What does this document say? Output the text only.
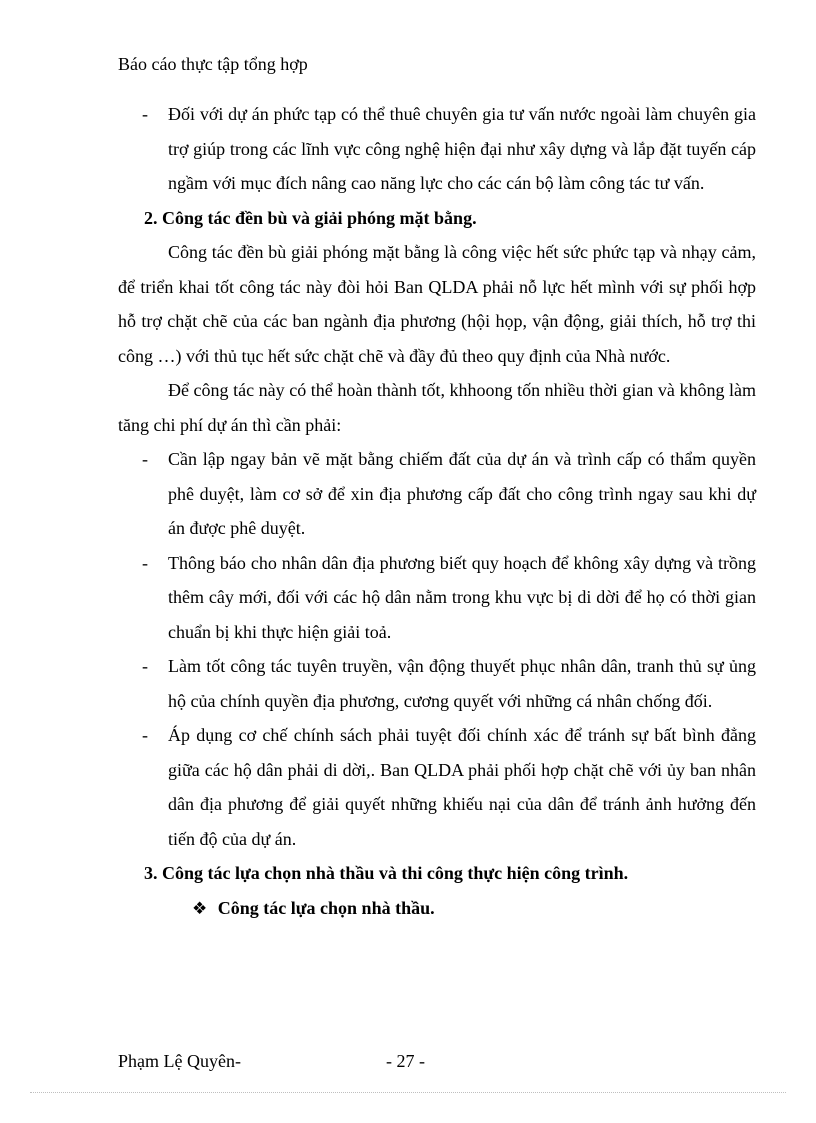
Báo cáo thực tập tổng hợp

- Đối với dự án phức tạp có thể thuê chuyên gia tư vấn nước ngoài làm chuyên gia trợ giúp trong các lĩnh vực công nghệ hiện đại như xây dựng và lắp đặt tuyến cáp ngầm với mục đích nâng cao năng lực cho các cán bộ làm công tác tư vấn.

2. Công tác đền bù và giải phóng mặt bằng.

Công tác đền bù giải phóng mặt bằng là công việc hết sức phức tạp và nhạy cảm, để triển khai tốt công tác này đòi hỏi Ban QLDA phải nỗ lực hết mình với sự phối hợp hỗ trợ chặt chẽ của các ban ngành địa phương (hội họp, vận động, giải thích, hỗ trợ thi công …) với thủ tục hết sức chặt chẽ và đầy đủ theo quy định của Nhà nước.

Để công tác này có thể hoàn thành tốt, khhoong tốn nhiều thời gian và không làm tăng chi phí dự án thì cần phải:

- Cần lập ngay bản vẽ mặt bằng chiếm đất của dự án và trình cấp có thẩm quyền phê duyệt, làm cơ sở để xin địa phương cấp đất cho công trình ngay sau khi dự án được phê duyệt.

- Thông báo cho nhân dân địa phương biết quy hoạch để không xây dựng và trồng thêm cây mới, đối với các hộ dân nằm trong khu vực bị di dời để họ có thời gian chuẩn bị khi thực hiện giải toả.

- Làm tốt công tác tuyên truyền, vận động thuyết phục nhân dân, tranh thủ sự ủng hộ của chính quyền địa phương, cương quyết với những cá nhân chống đối.

- Áp dụng cơ chế chính sách phải tuyệt đối chính xác để tránh sự bất bình đẳng giữa các hộ dân phải di dời,. Ban QLDA phải phối hợp chặt chẽ với ủy ban nhân dân địa phương để giải quyết những khiếu nại của dân để tránh ảnh hưởng đến tiến độ của dự án.

3. Công tác lựa chọn nhà thầu và thi công thực hiện công trình.

❖ Công tác lựa chọn nhà thầu.

Phạm Lệ Quyên-	- 27 -
